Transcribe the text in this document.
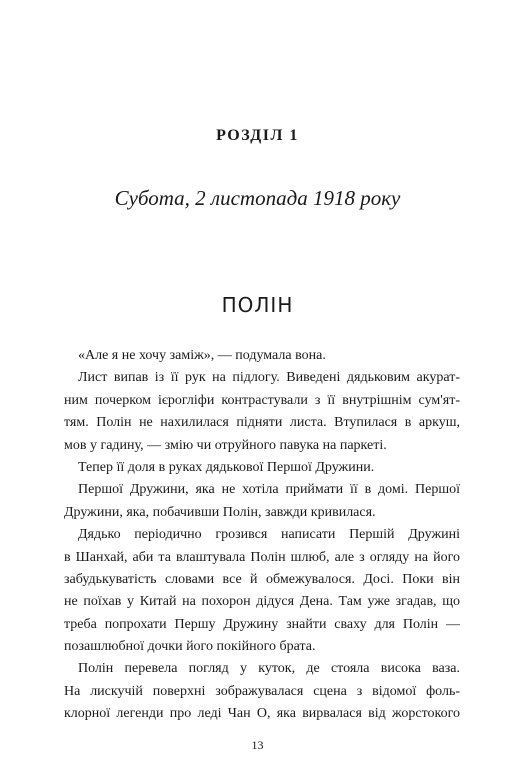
РОЗДІЛ 1
Субота, 2 листопада 1918 року
ПОЛІН
«Але я не хочу заміж», — подумала вона.
Лист випав із її рук на підлогу. Виведені дядьковим акурат-
ним почерком ієрогліфи контрастували з її внутрішнім сум'ят-
тям. Полін не нахилилася підняти листа. Втупилася в аркуш,
мов у гадину, — змію чи отруйного павука на паркеті.
Тепер її доля в руках дядькової Першої Дружини.
Першої Дружини, яка не хотіла приймати її в домі. Першої
Дружини, яка, побачивши Полін, завжди кривилася.
Дядько періодично грозився написати Першій Дружині
в Шанхай, аби та влаштувала Полін шлюб, але з огляду на його
забудькуватість словами все й обмежувалося. Досі. Поки він
не поїхав у Китай на похорон дідуся Дена. Там уже згадав, що
треба попрохати Першу Дружину знайти сваху для Полін —
позашлюбної дочки його покійного брата.
Полін перевела погляд у куток, де стояла висока ваза.
На лискучій поверхні зображувалася сцена з відомої фоль-
клорної легенди про леді Чан О, яка вирвалася від жорстокого
13
